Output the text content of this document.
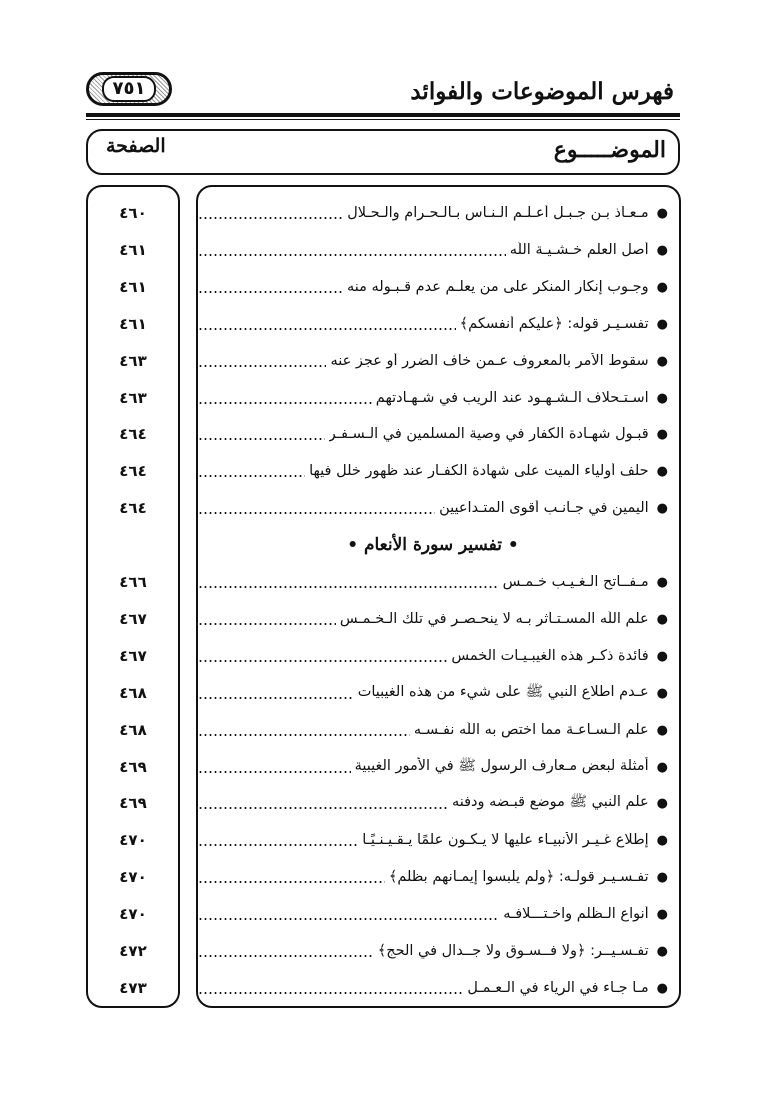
فهرس الموضوعات والفوائد
٧٥١
الموضـــــوع
الصفحة
●
مـعـاذ بـن جـبـل أعـلـم الـنـاس بـالـحـرام والـحـلال
٤٦٠
●
أصل العلم خـشـيـة اللّه
٤٦١
●
وجـوب إنكار المنكر على من يعلـم عدم قـبـوله منه
٤٦١
●
تفسـيـر قوله: ﴿عليكم أنفسكم﴾
٤٦١
●
سقوط الأمر بالمعروف عـمن خاف الضرر أو عجز عنه
٤٦٣
●
اسـتـحلاف الـشـهـود عند الريب في شـهـادتهم
٤٦٣
●
قبـول شهـادة الكفار في وصية المسلمين في الـسـفـر
٤٦٤
●
حلف أولياء الميت على شهادة الكفـار عند ظهور خلل فيها
٤٦٤
●
اليمين في جـانـب أقوى المتـداعيين
٤٦٤
• تفسير سورة الأنعام •
●
مـفــاتح الـغـيـب خـمـس
٤٦٦
●
علم اللّه المسـتـأثر بـه لا ينحـصـر في تلك الـخـمـس
٤٦٧
●
فائدة ذكـر هذه الغيبـيـات الخمس
٤٦٧
●
عـدم اطلاع النبي ﷺ على شيء من هذه الغيبيات
٤٦٨
●
علم الـسـاعـة مما اختص به اللّه نفـسـه
٤٦٨
●
أمثلة لبعض مـعارف الرسول ﷺ في الأمور الغيبية
٤٦٩
●
علم النبي ﷺ موضع قبـضه ودفنه
٤٦٩
●
إطلاع غـيـر الأنبيـاء عليها لا يـكـون علمًا يـقـيـنـيًـا
٤٧٠
●
تفـسـيـر قولـه: ﴿ولم يلبسوا إيمـانهم بظلم﴾
٤٧٠
●
أنواع الـظلم واخـتـــلافـه
٤٧٠
●
تفـسـيــر: ﴿ولا فــسـوق ولا جــدال في الحج﴾
٤٧٢
●
مـا جـاء في الرياء في الـعـمـل
٤٧٣
